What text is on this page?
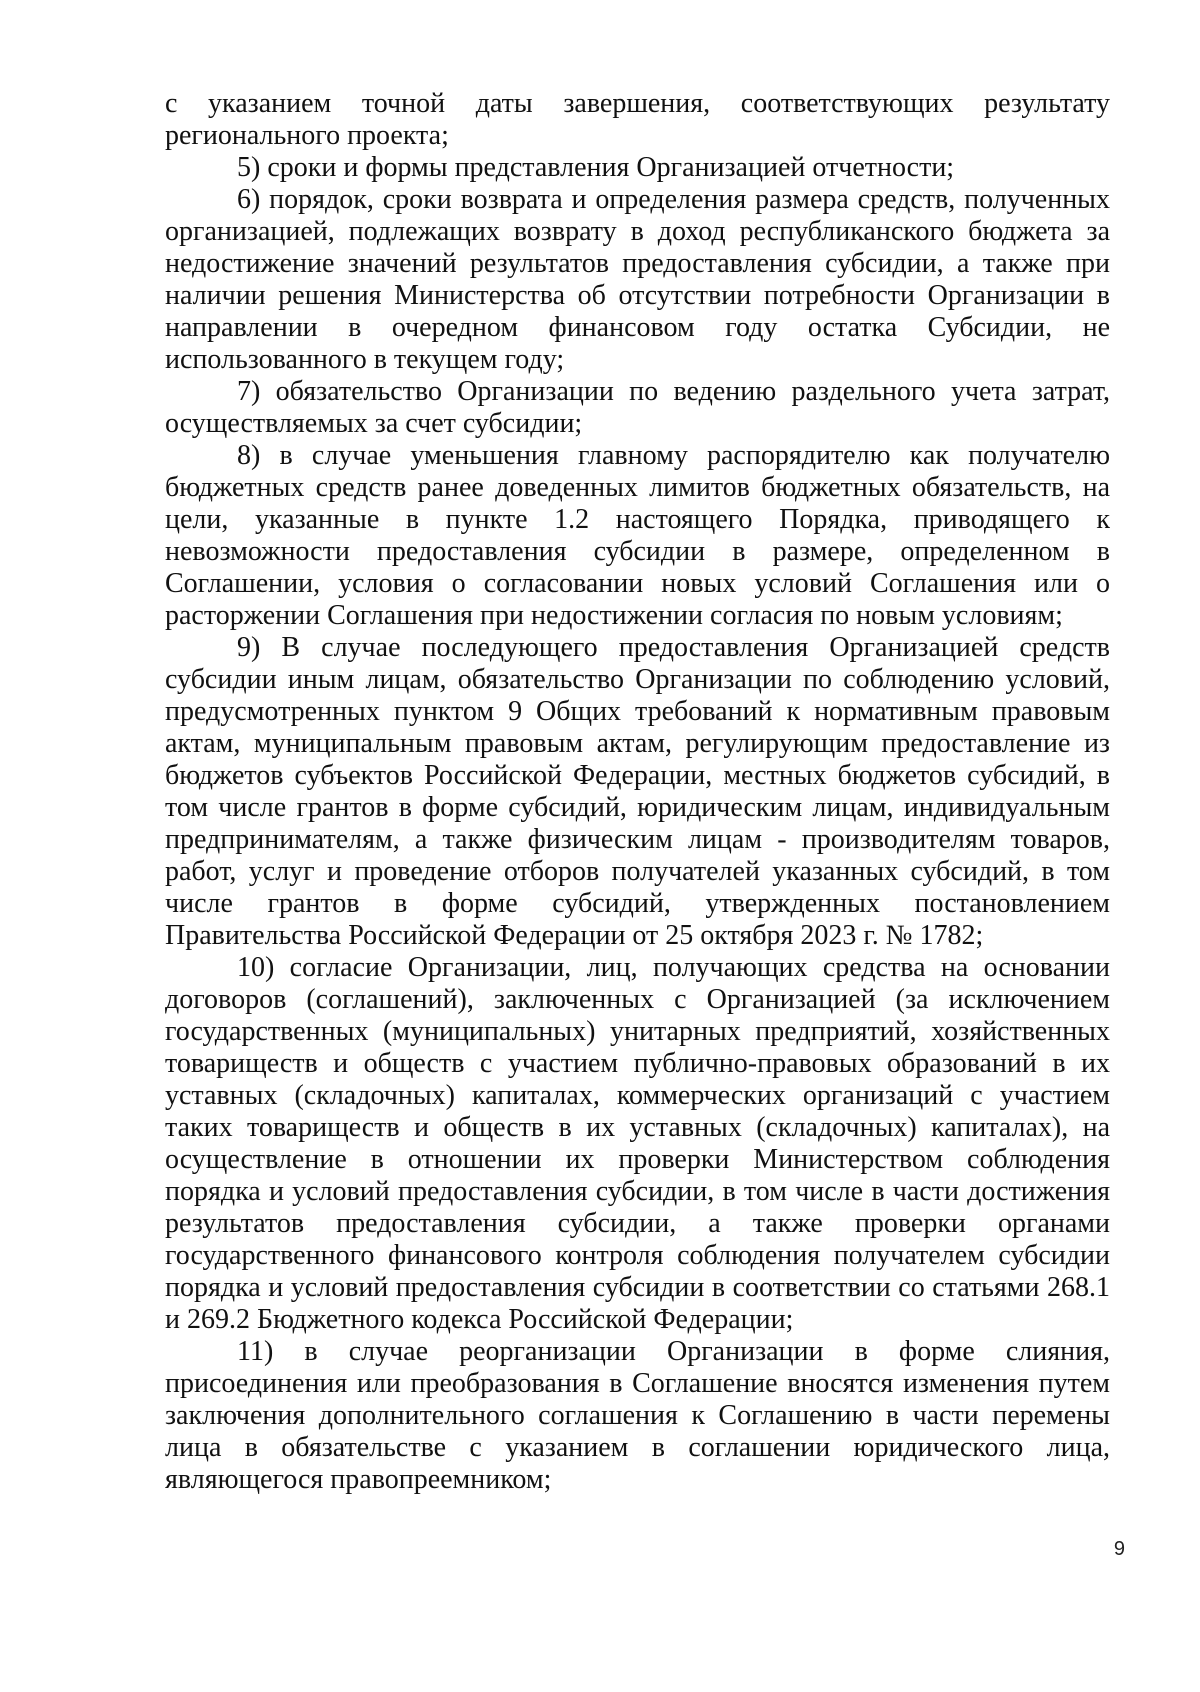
с указанием точной даты завершения, соответствующих результату регионального проекта;

5) сроки и формы представления Организацией отчетности;

6) порядок, сроки возврата и определения размера средств, полученных организацией, подлежащих возврату в доход республиканского бюджета за недостижение значений результатов предоставления субсидии, а также при наличии решения Министерства об отсутствии потребности Организации в направлении в очередном финансовом году остатка Субсидии, не использованного в текущем году;

7) обязательство Организации по ведению раздельного учета затрат, осуществляемых за счет субсидии;

8) в случае уменьшения главному распорядителю как получателю бюджетных средств ранее доведенных лимитов бюджетных обязательств, на цели, указанные в пункте 1.2 настоящего Порядка, приводящего к невозможности предоставления субсидии в размере, определенном в Соглашении, условия о согласовании новых условий Соглашения или о расторжении Соглашения при недостижении согласия по новым условиям;

9) В случае последующего предоставления Организацией средств субсидии иным лицам, обязательство Организации по соблюдению условий, предусмотренных пунктом 9 Общих требований к нормативным правовым актам, муниципальным правовым актам, регулирующим предоставление из бюджетов субъектов Российской Федерации, местных бюджетов субсидий, в том числе грантов в форме субсидий, юридическим лицам, индивидуальным предпринимателям, а также физическим лицам - производителям товаров, работ, услуг и проведение отборов получателей указанных субсидий, в том числе грантов в форме субсидий, утвержденных постановлением Правительства Российской Федерации от 25 октября 2023 г. № 1782;

10) согласие Организации, лиц, получающих средства на основании договоров (соглашений), заключенных с Организацией (за исключением государственных (муниципальных) унитарных предприятий, хозяйственных товариществ и обществ с участием публично-правовых образований в их уставных (складочных) капиталах, коммерческих организаций с участием таких товариществ и обществ в их уставных (складочных) капиталах), на осуществление в отношении их проверки Министерством соблюдения порядка и условий предоставления субсидии, в том числе в части достижения результатов предоставления субсидии, а также проверки органами государственного финансового контроля соблюдения получателем субсидии порядка и условий предоставления субсидии в соответствии со статьями 268.1 и 269.2 Бюджетного кодекса Российской Федерации;

11) в случае реорганизации Организации в форме слияния, присоединения или преобразования в Соглашение вносятся изменения путем заключения дополнительного соглашения к Соглашению в части перемены лица в обязательстве с указанием в соглашении юридического лица, являющегося правопреемником;

9
